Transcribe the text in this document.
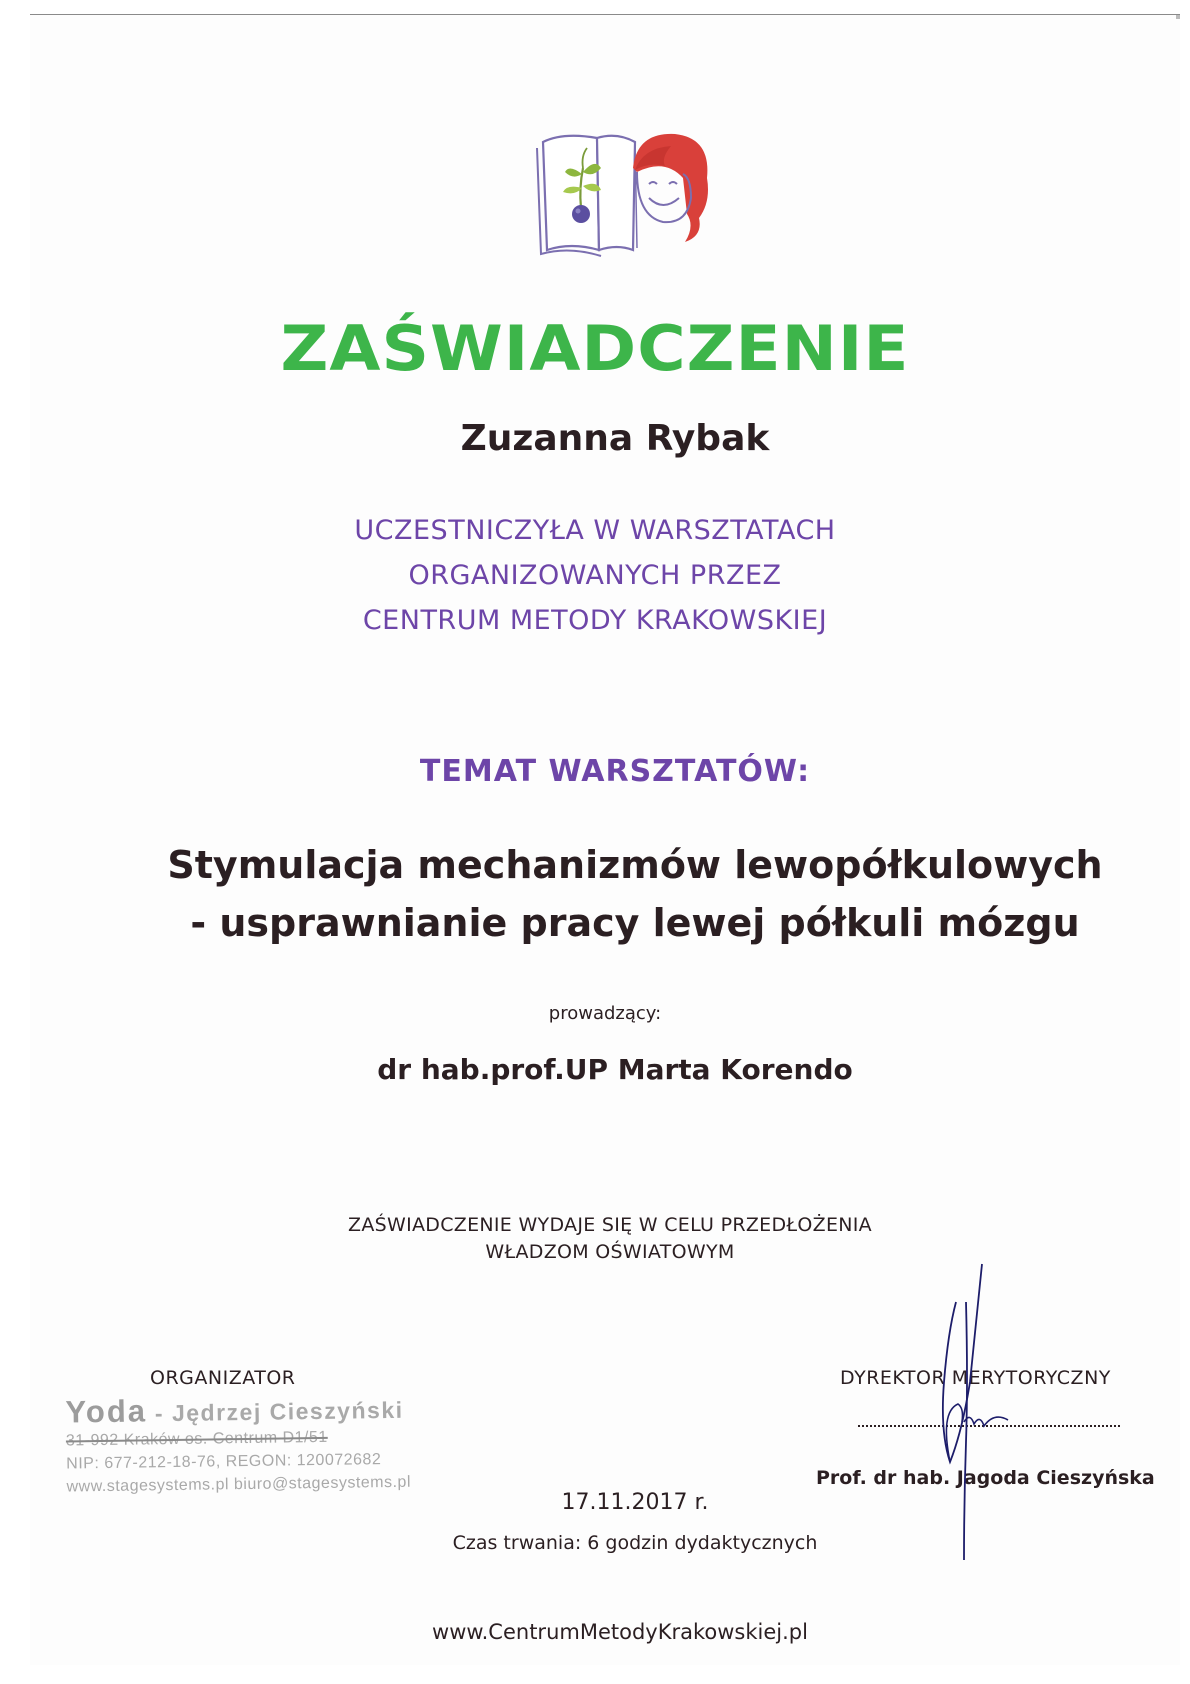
ZAŚWIADCZENIE
Zuzanna Rybak
UCZESTNICZYŁA W WARSZTATACH
ORGANIZOWANYCH PRZEZ
CENTRUM METODY KRAKOWSKIEJ
TEMAT WARSZTATÓW:
Stymulacja mechanizmów lewopółkulowych
- usprawnianie pracy lewej półkuli mózgu
prowadzący:
dr hab.prof.UP Marta Korendo
ZAŚWIADCZENIE WYDAJE SIĘ W CELU PRZEDŁOŻENIA
WŁADZOM OŚWIATOWYM
ORGANIZATOR
Yoda - Jędrzej Cieszyński
31-992 Kraków os. Centrum D1/51
NIP: 677-212-18-76, REGON: 120072682
www.stagesystems.pl biuro@stagesystems.pl
DYREKTOR MERYTORYCZNY
Prof. dr hab. Jagoda Cieszyńska
17.11.2017 r.
Czas trwania: 6 godzin dydaktycznych
www.CentrumMetodyKrakowskiej.pl
